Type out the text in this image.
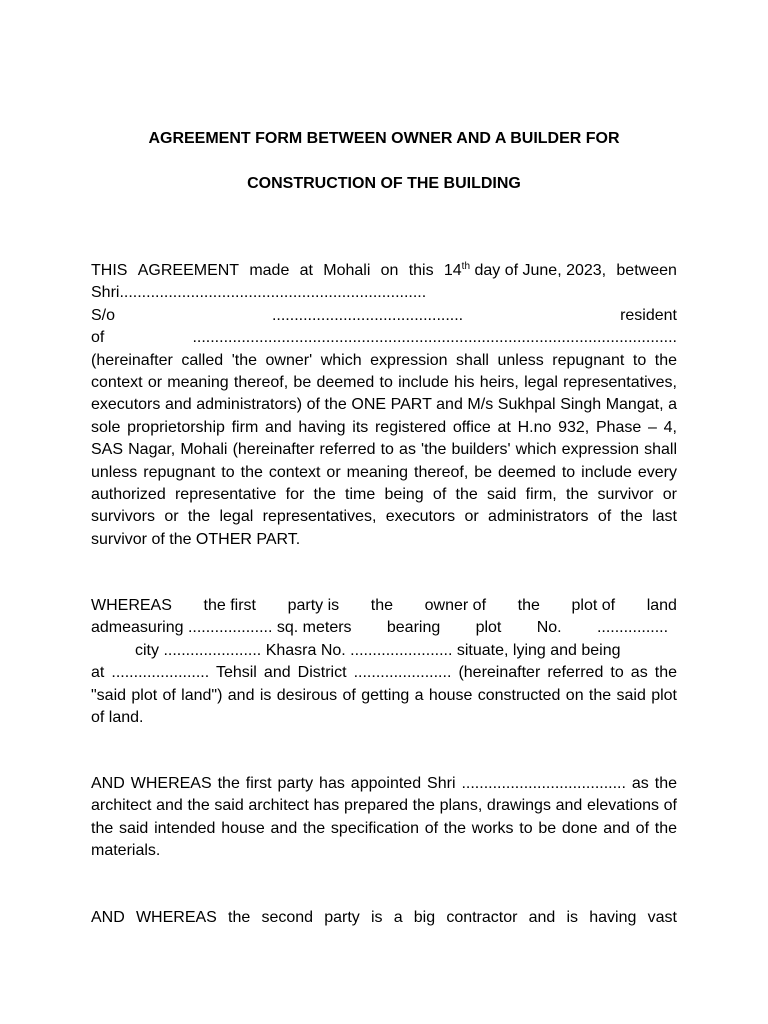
AGREEMENT FORM BETWEEN OWNER AND A BUILDER FOR
CONSTRUCTION OF THE BUILDING
THIS AGREEMENT made at Mohali on this 14th day of June, 2023, between
Shri.....................................................................
S/o	...........................................	resident
of	.............................................................................................................
(hereinafter called 'the owner' which expression shall unless repugnant to the context or meaning thereof, be deemed to include his heirs, legal representatives, executors and administrators) of the ONE PART and M/s Sukhpal Singh Mangat, a sole proprietorship firm and having its registered office at H.no 932, Phase – 4, SAS Nagar, Mohali (hereinafter referred to as 'the builders' which expression shall unless repugnant to the context or meaning thereof, be deemed to include every authorized representative for the time being of the said firm, the survivor or survivors or the legal representatives, executors or administrators of the last survivor of the OTHER PART.
WHEREAS the first party is the owner of the plot of land
admeasuring ................... sq. meters bearing plot No. ................
city ...................... Khasra No. ....................... situate, lying and being
at ...................... Tehsil and District ...................... (hereinafter referred to as the "said plot of land") and is desirous of getting a house constructed on the said plot of land.
AND WHEREAS the first party has appointed Shri ..................................... as the architect and the said architect has prepared the plans, drawings and elevations of the said intended house and the specification of the works to be done and of the materials.
AND WHEREAS the second party is a big contractor and is having vast
